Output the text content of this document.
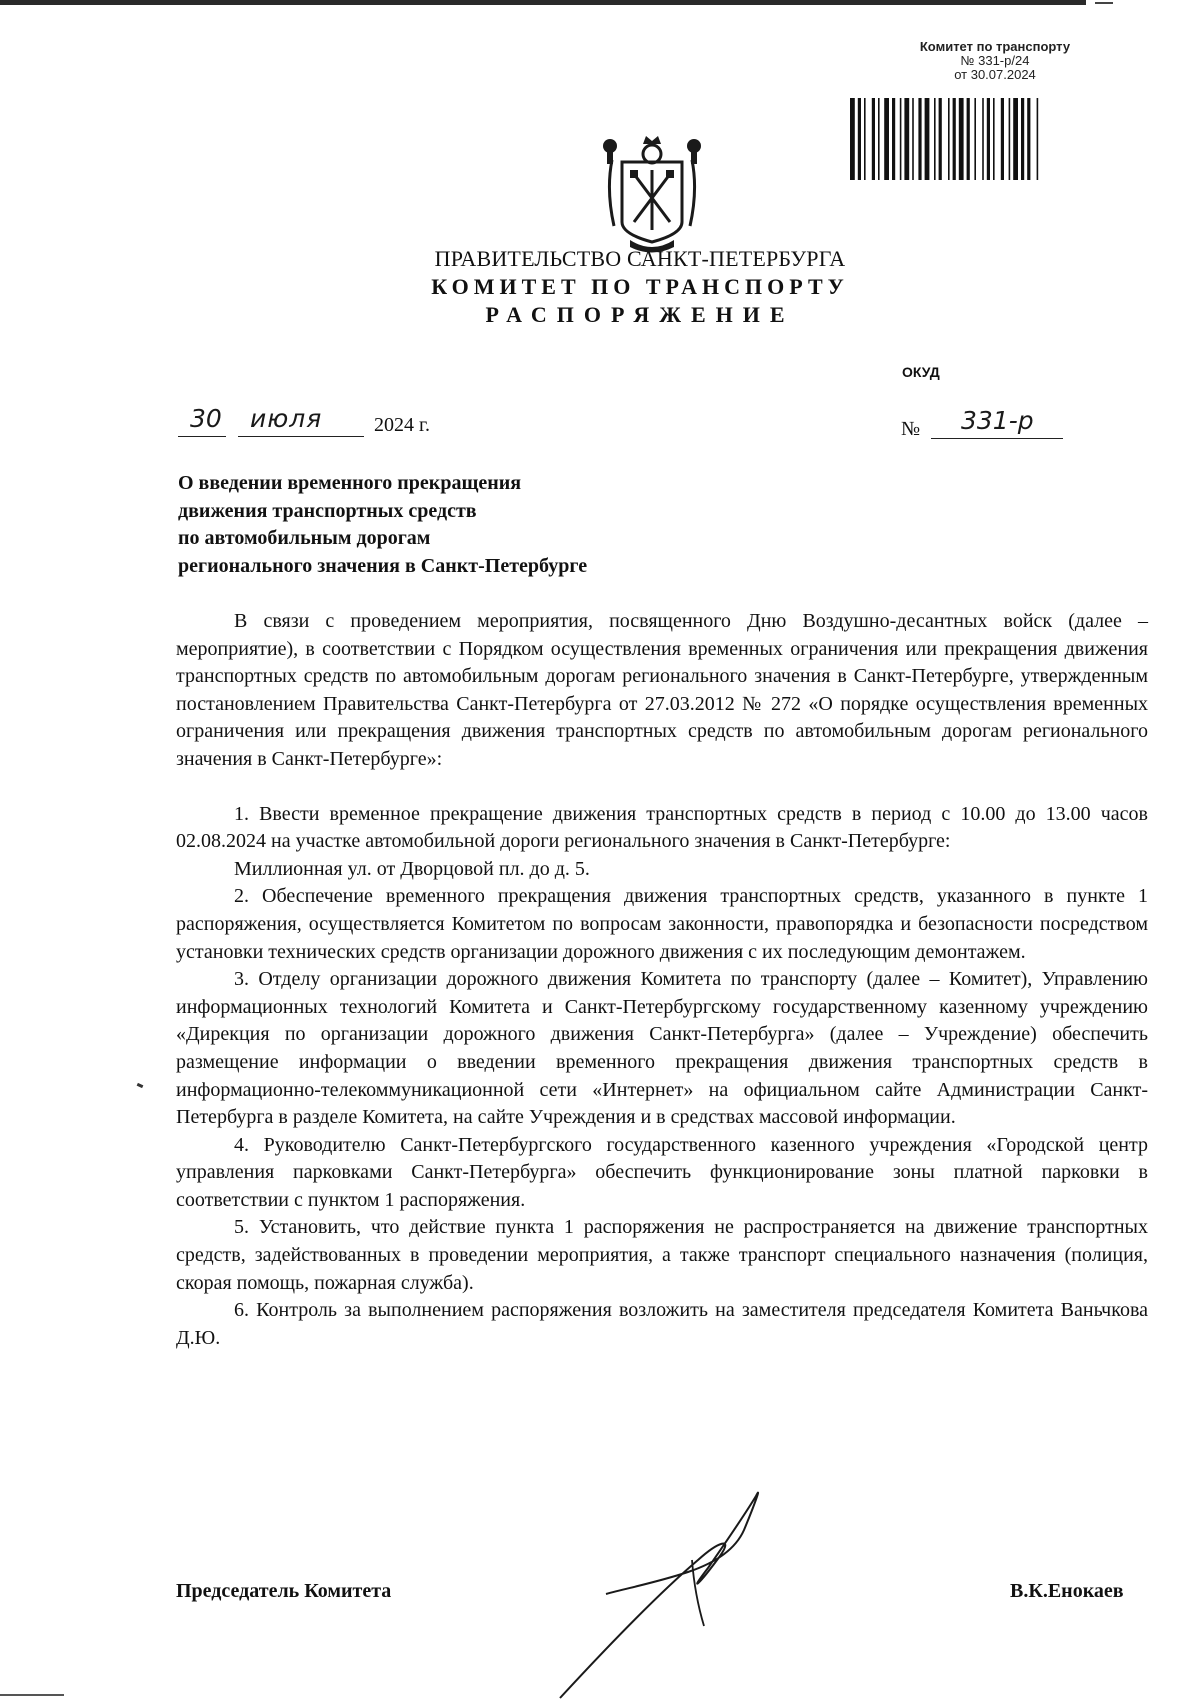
Комитет по транспорту
№ 331-р/24
от 30.07.2024
ПРАВИТЕЛЬСТВО САНКТ-ПЕТЕРБУРГА
КОМИТЕТ ПО ТРАНСПОРТУ
РАСПОРЯЖЕНИЕ
ОКУД
30 июля	2024 г.	№ 331-р
О введении временного прекращения
движения транспортных средств
по автомобильным дорогам
регионального значения в Санкт-Петербурге

В связи с проведением мероприятия, посвященного Дню Воздушно-десантных войск (далее – мероприятие), в соответствии с Порядком осуществления временных ограничения или прекращения движения транспортных средств по автомобильным дорогам регионального значения в Санкт-Петербурге, утвержденным постановлением Правительства Санкт-Петербурга от 27.03.2012 № 272 «О порядке осуществления временных ограничения или прекращения движения транспортных средств по автомобильным дорогам регионального значения в Санкт-Петербурге»:

1. Ввести временное прекращение движения транспортных средств в период с 10.00 до 13.00 часов 02.08.2024 на участке автомобильной дороги регионального значения в Санкт-Петербурге:

Миллионная ул. от Дворцовой пл. до д. 5.

2. Обеспечение временного прекращения движения транспортных средств, указанного в пункте 1 распоряжения, осуществляется Комитетом по вопросам законности, правопорядка и безопасности посредством установки технических средств организации дорожного движения с их последующим демонтажем.

3. Отделу организации дорожного движения Комитета по транспорту (далее – Комитет), Управлению информационных технологий Комитета и Санкт-Петербургскому государственному казенному учреждению «Дирекция по организации дорожного движения Санкт-Петербурга» (далее – Учреждение) обеспечить размещение информации о введении временного прекращения движения транспортных средств в информационно-телекоммуникационной сети «Интернет» на официальном сайте Администрации Санкт-Петербурга в разделе Комитета, на сайте Учреждения и в средствах массовой информации.

4. Руководителю Санкт-Петербургского государственного казенного учреждения «Городской центр управления парковками Санкт-Петербурга» обеспечить функционирование зоны платной парковки в соответствии с пунктом 1 распоряжения.

5. Установить, что действие пункта 1 распоряжения не распространяется на движение транспортных средств, задействованных в проведении мероприятия, а также транспорт специального назначения (полиция, скорая помощь, пожарная служба).

6. Контроль за выполнением распоряжения возложить на заместителя председателя Комитета Ваньчкова Д.Ю.

Председатель Комитета	В.К.Енокаев
